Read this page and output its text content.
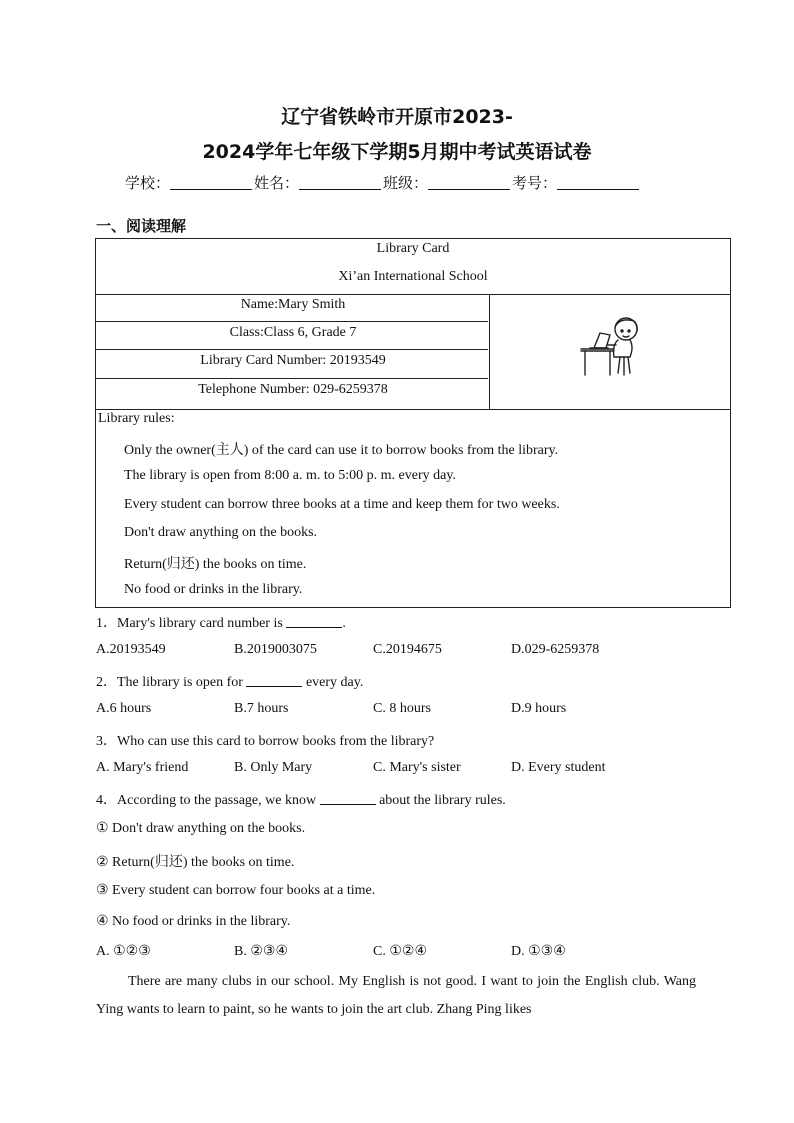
辽宁省铁岭市开原市2023-
2024学年七年级下学期5月期中考试英语试卷
学校：	姓名：	班级：	考号：
一、阅读理解
Library Card
Xi’an International School
Name:Mary Smith
Class:Class 6, Grade 7
Library Card Number: 20193549
Telephone Number: 029-6259378
Library rules:
Only the owner(主人) of the card can use it to borrow books from the library.
The library is open from 8:00 a. m. to 5:00 p. m. every day.
Every student can borrow three books at a time and keep them for two weeks.
Don't draw anything on the books.
Return(归还) the books on time.
No food or drinks in the library.
1．Mary's library card number is	.
A.20193549	B.2019003075	C.20194675	D.029-6259378
2．The library is open for	every day.
A.6 hours	B.7 hours	C. 8 hours	D.9 hours
3．Who can use this card to borrow books from the library?
A. Mary's friend	B. Only Mary	C. Mary's sister	D. Every student
4．According to the passage, we know	about the library rules.
① Don't draw anything on the books.
② Return(归还) the books on time.
③ Every student can borrow four books at a time.
④ No food or drinks in the library.
A. ①②③	B. ②③④	C. ①②④	D. ①③④
There are many clubs in our school. My English is not good. I want to join the English club. Wang Ying wants to learn to paint, so he wants to join the art club. Zhang Ping likes
